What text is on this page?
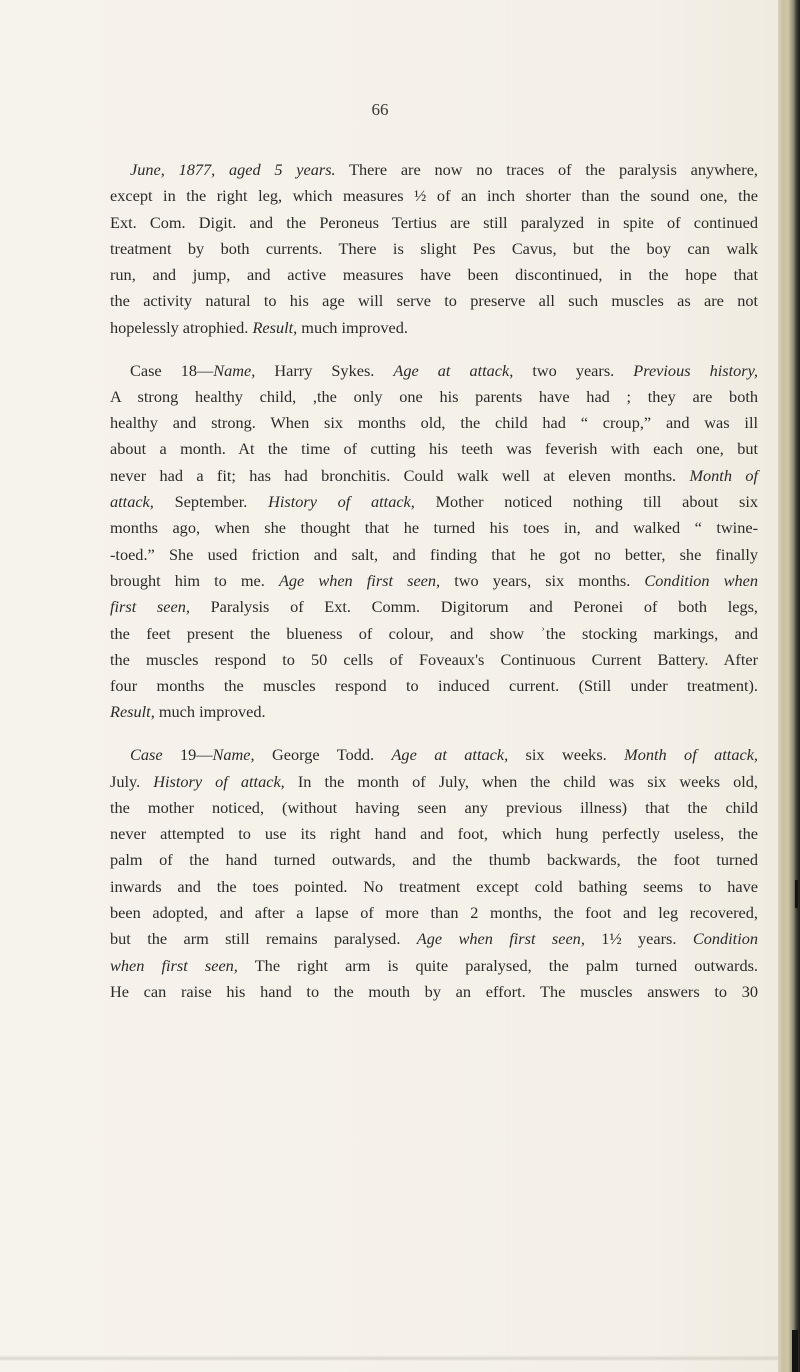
66

June, 1877, aged 5 years. There are now no traces of the paralysis anywhere,
except in the right leg, which measures ½ of an inch shorter than the sound one, the
Ext. Com. Digit. and the Peroneus Tertius are still paralyzed in spite of continued
treatment by both currents. There is slight Pes Cavus, but the boy can walk
run, and jump, and active measures have been discontinued, in the hope that
the activity natural to his age will serve to preserve all such muscles as are not
hopelessly atrophied. Result, much improved.

Case 18—Name, Harry Sykes. Age at attack, two years. Previous history,
A strong healthy child, ,the only one his parents have had ; they are both
healthy and strong. When six months old, the child had “ croup,” and was ill
about a month. At the time of cutting his teeth was feverish with each one, but
never had a fit; has had bronchitis. Could walk well at eleven months. Month of
attack, September. History of attack, Mother noticed nothing till about six
months ago, when she thought that he turned his toes in, and walked “ twine-
-toed.” She used friction and salt, and finding that he got no better, she finally
brought him to me. Age when first seen, two years, six months. Condition when
first seen, Paralysis of Ext. Comm. Digitorum and Peronei of both legs,
the feet present the blueness of colour, and show ʾthe stocking markings, and
the muscles respond to 50 cells of Foveaux's Continuous Current Battery. After
four months the muscles respond to induced current. (Still under treatment).
Result, much improved.

Case 19—Name, George Todd. Age at attack, six weeks. Month of attack,
July. History of attack, In the month of July, when the child was six weeks old,
the mother noticed, (without having seen any previous illness) that the child
never attempted to use its right hand and foot, which hung perfectly useless, the
palm of the hand turned outwards, and the thumb backwards, the foot turned
inwards and the toes pointed. No treatment except cold bathing seems to have
been adopted, and after a lapse of more than 2 months, the foot and leg recovered,
but the arm still remains paralysed. Age when first seen, 1½ years. Condition
when first seen, The right arm is quite paralysed, the palm turned outwards.
He can raise his hand to the mouth by an effort. The muscles answers to 30
